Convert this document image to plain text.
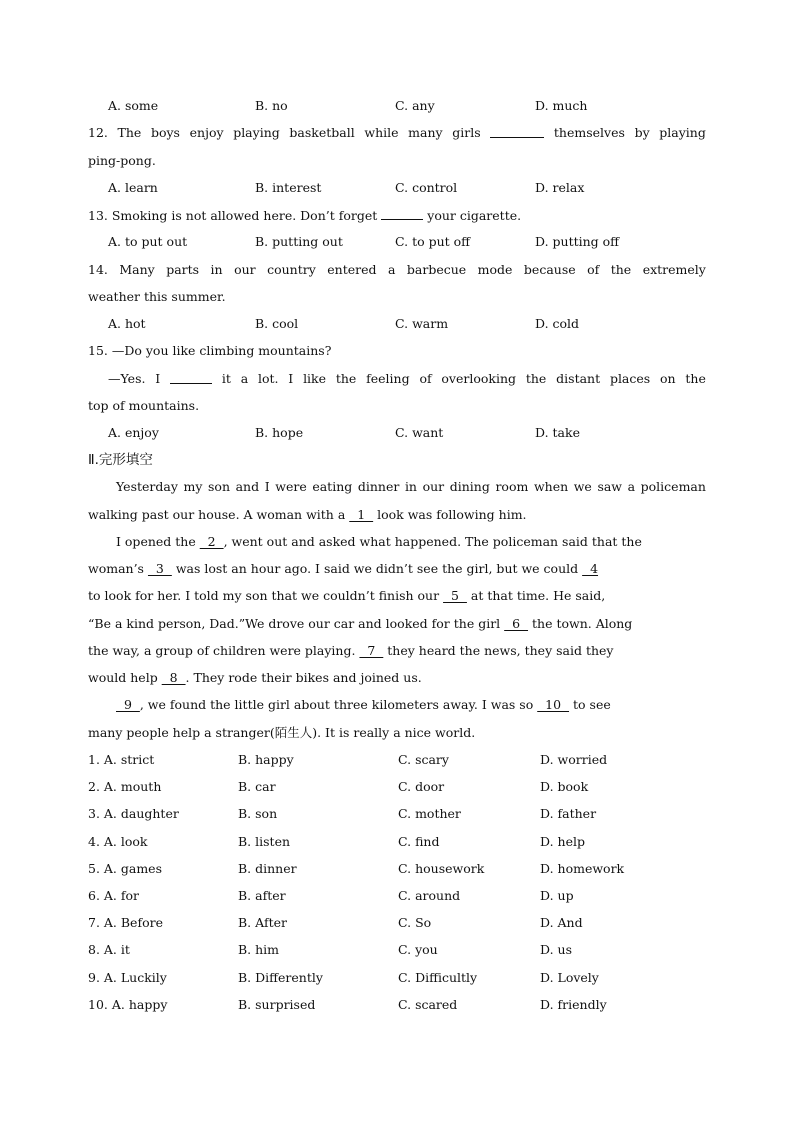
A. some	B. no	C. any	D. much
12. The boys enjoy playing basketball while many girls	themselves by playing
ping-pong.
A. learn	B. interest	C. control	D. relax
13. Smoking is not allowed here. Don’t forget	your cigarette.
A. to put out	B. putting out	C. to put off	D. putting off
14. Many parts in our country entered a barbecue mode because of the extremely
weather this summer.
A. hot	B. cool	C. warm	D. cold
15. —Do you like climbing mountains?
—Yes. I	it a lot. I like the feeling of overlooking the distant places on the
top of mountains.
A. enjoy	B. hope	C. want	D. take
Ⅱ.完形填空
Yesterday my son and I were eating dinner in our dining room when we saw a policeman
walking past our house. A woman with a   1   look was following him.
I opened the   2  , went out and asked what happened. The policeman said that the
woman’s   3   was lost an hour ago. I said we didn’t see the girl, but we could   4
to look for her. I told my son that we couldn’t finish our   5   at that time. He said,
“Be a kind person, Dad.”We drove our car and looked for the girl   6   the town. Along
the way, a group of children were playing.   7   they heard the news, they said they
would help   8  . They rode their bikes and joined us.
9  , we found the little girl about three kilometers away. I was so   10   to see
many people help a stranger(陌生人). It is really a nice world.
1. A. strict	B. happy	C. scary	D. worried
2. A. mouth	B. car	C. door	D. book
3. A. daughter	B. son	C. mother	D. father
4. A. look	B. listen	C. find	D. help
5. A. games	B. dinner	C. housework	D. homework
6. A. for	B. after	C. around	D. up
7. A. Before	B. After	C. So	D. And
8. A. it	B. him	C. you	D. us
9. A. Luckily	B. Differently	C. Difficultly	D. Lovely
10. A. happy	B. surprised	C. scared	D. friendly
